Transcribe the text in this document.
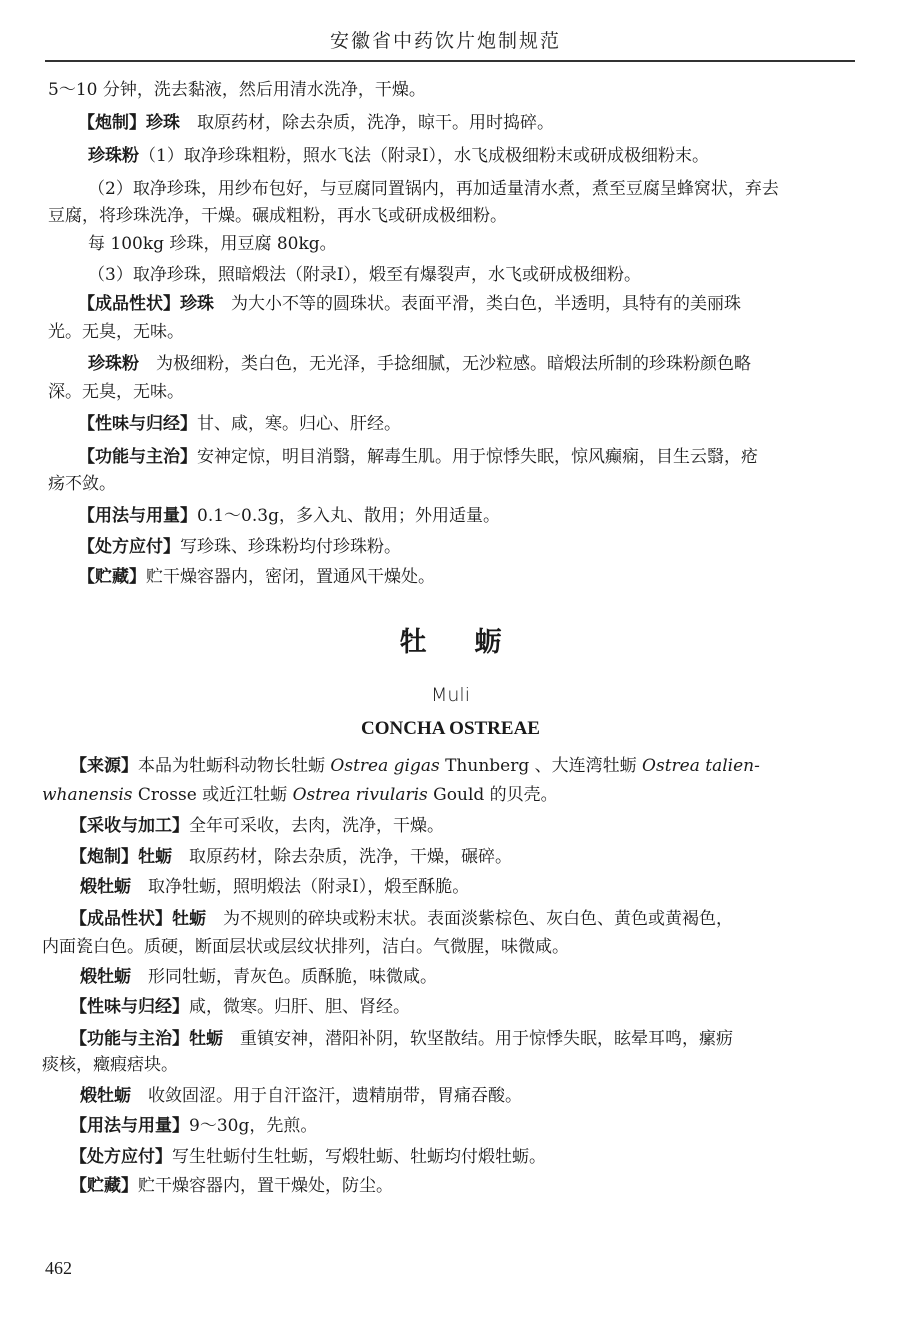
安徽省中药饮片炮制规范
5～10 分钟，洗去黏液，然后用清水洗净，干燥。
【炮制】珍珠　取原药材，除去杂质，洗净，晾干。用时捣碎。
珍珠粉（1）取净珍珠粗粉，照水飞法（附录Ⅰ），水飞成极细粉末或研成极细粉末。
（2）取净珍珠，用纱布包好，与豆腐同置锅内，再加适量清水煮，煮至豆腐呈蜂窝状，弃去
豆腐，将珍珠洗净，干燥。碾成粗粉，再水飞或研成极细粉。
每 100kg 珍珠，用豆腐 80kg。
（3）取净珍珠，照暗煅法（附录Ⅰ），煅至有爆裂声，水飞或研成极细粉。
【成品性状】珍珠　为大小不等的圆珠状。表面平滑，类白色，半透明，具特有的美丽珠
光。无臭，无味。
珍珠粉　为极细粉，类白色，无光泽，手捻细腻，无沙粒感。暗煅法所制的珍珠粉颜色略
深。无臭，无味。
【性味与归经】甘、咸，寒。归心、肝经。
【功能与主治】安神定惊，明目消翳，解毒生肌。用于惊悸失眠，惊风癫痫，目生云翳，疮
疡不敛。
【用法与用量】0.1～0.3g，多入丸、散用；外用适量。
【处方应付】写珍珠、珍珠粉均付珍珠粉。
【贮藏】贮干燥容器内，密闭，置通风干燥处。
牡蛎
Muli
CONCHA OSTREAE
【来源】本品为牡蛎科动物长牡蛎 Ostrea gigas Thunberg 、大连湾牡蛎 Ostrea talien-
whanensis Crosse 或近江牡蛎 Ostrea rivularis Gould 的贝壳。
【采收与加工】全年可采收，去肉，洗净，干燥。
【炮制】牡蛎　取原药材，除去杂质，洗净，干燥，碾碎。
煅牡蛎　取净牡蛎，照明煅法（附录Ⅰ），煅至酥脆。
【成品性状】牡蛎　为不规则的碎块或粉末状。表面淡紫棕色、灰白色、黄色或黄褐色，
内面瓷白色。质硬，断面层状或层纹状排列，洁白。气微腥，味微咸。
煅牡蛎　形同牡蛎，青灰色。质酥脆，味微咸。
【性味与归经】咸，微寒。归肝、胆、肾经。
【功能与主治】牡蛎　重镇安神，潜阳补阴，软坚散结。用于惊悸失眠，眩晕耳鸣，瘰疬
痰核，癥瘕痞块。
煅牡蛎　收敛固涩。用于自汗盗汗，遗精崩带，胃痛吞酸。
【用法与用量】9～30g，先煎。
【处方应付】写生牡蛎付生牡蛎，写煅牡蛎、牡蛎均付煅牡蛎。
【贮藏】贮干燥容器内，置干燥处，防尘。
462
